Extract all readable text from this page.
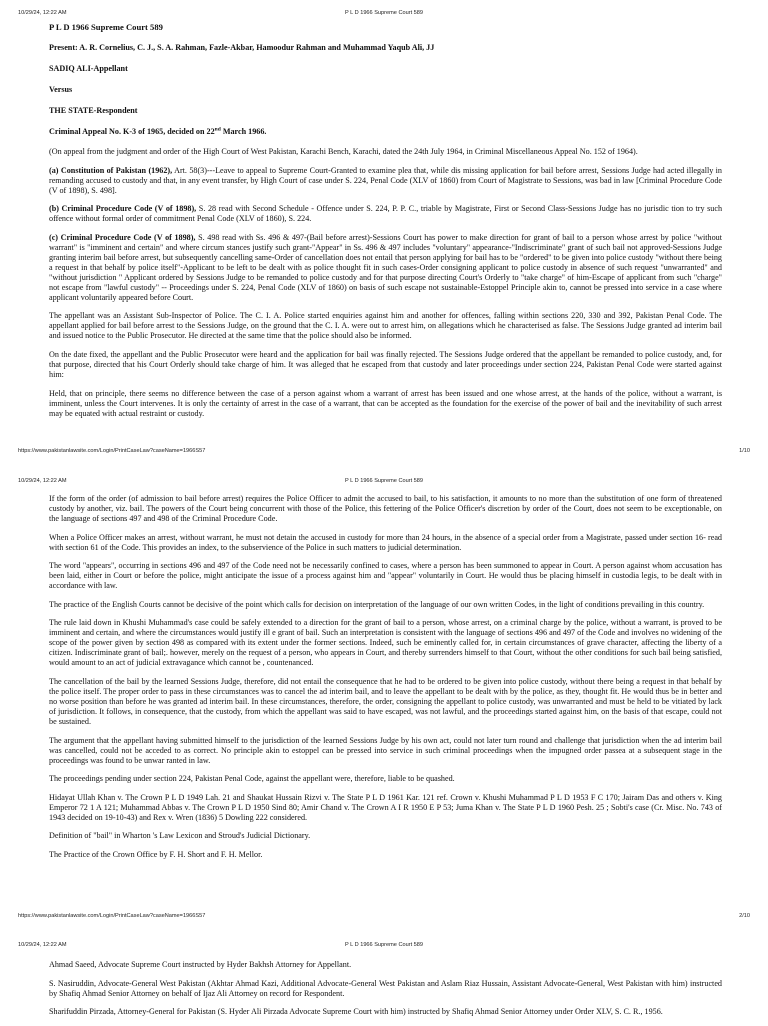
10/29/24, 12:22 AM	P L D 1966 Supreme Court 589

P L D 1966 Supreme Court 589

Present: A. R. Cornelius, C. J., S. A. Rahman, Fazle-Akbar, Hamoodur Rahman and Muhammad Yaqub Ali, JJ

SADIQ ALI-Appellant

Versus

THE STATE-Respondent

Criminal Appeal No. K-3 of 1965, decided on 22nd March 1966.

(On appeal from the judgment and order of the High Court of West Pakistan, Karachi Bench, Karachi, dated the 24th July 1964, in Criminal Miscellaneous Appeal No. 152 of 1964).

(a) Constitution of Pakistan (1962), Art. 58(3)---Leave to appeal to Supreme Court-Granted to examine plea that, while dis missing application for bail before arrest, Sessions Judge had acted illegally in remanding accused to custody and that, in any event transfer, by High Court of case under S. 224, Penal Code (XLV of 1860) from Court of Magistrate to Sessions, was bad in law [Criminal Procedure Code (V of 1898), S. 498].

(b) Criminal Procedure Code (V of 1898), S. 28 read with Second Schedule - Offence under S. 224, P. P. C., triable by Magistrate, First or Second Class-Sessions Judge has no jurisdic tion to try such offence without formal order of commitment Penal Code (XLV of 1860), S. 224.

(c) Criminal Procedure Code (V of 1898), S. 498 read with Ss. 496 & 497-(Bail before arrest)-Sessions Court has power to make direction for grant of bail to a person whose arrest by police "without warrant" is "imminent and certain" and where circum stances justify such grant-"Appear" in Ss. 496 & 497 includes "voluntary" appearance-"Indiscriminate" grant of such bail not approved-Sessions Judge granting interim bail before arrest, but subsequently cancelling same-Order of cancellation does not entail that person applying for bail has to be "ordered" to be given into police custody "without there being a request in that behalf by police itself"-Applicant to be left to be dealt with as police thought fit in such cases-Order consigning applicant to police custody in absence of such request "unwarranted" and "without jurisdiction " Applicant ordered by Sessions Judge to be remanded to police custody and for that purpose directing Court's Orderly to "take charge" of him-Escape of applicant from such "charge" not escape from "lawful custody" -- Proceedings under S. 224, Penal Code (XLV of 1860) on basis of such escape not sustainable-Estoppel Principle akin to, cannot be pressed into service in a case where applicant voluntarily appeared before Court.

The appellant was an Assistant Sub-Inspector of Police. The C. I. A. Police started enquiries against him and another for offences, falling within sections 220, 330 and 392, Pakistan Penal Code. The appellant applied for bail before arrest to the Sessions Judge, on the ground that the C. I. A. were out to arrest him, on allegations which he characterised as false. The Sessions Judge granted ad interim bail and issued notice to the Public Prosecutor. He directed at the same time that the police should also be informed.

On the date fixed, the appellant and the Public Prosecutor were heard and the application for bail was finally rejected. The Sessions Judge ordered that the appellant be remanded to police custody, and, for that purpose, directed that his Court Orderly should take charge of him. It was alleged that he escaped from that custody and later proceedings under section 224, Pakistan Penal Code were started against him:

Held, that on principle, there seems no difference between the case of a person against whom a warrant of arrest has been issued and one whose arrest, at the hands of the police, without a warrant, is imminent, unless the Court intervenes. It is only the certainty of arrest in the case of a warrant, that can be accepted as the foundation for the exercise of the power of bail and the inevitability of such arrest may be equated with actual restraint or custody.

https://www.pakistanlawsite.com/Login/PrintCaseLaw?caseName=1966S57	1/10
10/29/24, 12:22 AM	P L D 1966 Supreme Court 589

If the form of the order (of admission to bail before arrest) requires the Police Officer to admit the accused to bail, to his satisfaction, it amounts to no more than the substitution of one form of threatened custody by another, viz. bail. The powers of the Court being concurrent with those of the Police, this fettering of the Police Officer's discretion by order of the Court, does not seem to be exceptionable, on the language of sections 497 and 498 of the Criminal Procedure Code.

When a Police Officer makes an arrest, without warrant, he must not detain the accused in custody for more than 24 hours, in the absence of a special order from a Magistrate, passed under section 16- read with section 61 of the Code. This provides an index, to the subservience of the Police in such matters to judicial determination.

The word "appears", occurring in sections 496 and 497 of the Code need not be necessarily confined to cases, where a person has been summoned to appear in Court. A person against whom accusation has been laid, either in Court or before the police, might anticipate the issue of a process against him and "appear" voluntarily in Court. He would thus be placing himself in custodia legis, to be dealt with in accordance with law.

The practice of the English Courts cannot be decisive of the point which calls for decision on interpretation of the language of our own written Codes, in the light of conditions prevailing in this country.

The rule laid down in Khushi Muhammad's case could be safely extended to a direction for the grant of bail to a person, whose arrest, on a criminal charge by the police, without a warrant, is proved to be imminent and certain, and where the circumstances would justify ill e grant of bail. Such an interpretation is consistent with the language of sections 496 and 497 of the Code and involves no widening of the scope of the power given by section 498 as compared with its extent under the former sections. Indeed, such be eminently called for, in certain circumstances of grave character, affecting the liberty of a citizen. Indiscriminate grant of bail;. however, merely on the request of a person, who appears in Court, and thereby surrenders himself to that Court, without the other conditions for such bail being satisfied, would amount to an act of judicial extravagance which cannot be , countenanced.

The cancellation of the bail by the learned Sessions Judge, therefore, did not entail the consequence that he had to be ordered to be given into police custody, without there being a request in that behalf by the police itself. The proper order to pass in these circumstances was to cancel the ad interim bail, and to leave the appellant to be dealt with by the police, as they, thought fit. He would thus be in better and no worse position than before he was granted ad interim bail. In these circumstances, therefore, the order, consigning the appellant to police custody, was unwarranted and must be held to be vitiated by lack of jurisdiction. It follows, in consequence, that the custody, from which the appellant was said to have escaped, was not lawful, and the proceedings started against him, on the basis of that escape, could not be sustained.

The argument that the appellant having submitted himself to the jurisdiction of the learned Sessions Judge by his own act, could not later turn round and challenge that jurisdiction when the ad interim bail was cancelled, could not be acceded to as correct. No principle akin to estoppel can be pressed into service in such criminal proceedings when the impugned order passea at a subsequent stage in the proceedings was found to be unwar ranted in law.

The proceedings pending under section 224, Pakistan Penal Code, against the appellant were, therefore, liable to be quashed.

Hidayat Ullah Khan v. The Crown P L D 1949 Lah. 21 and Shaukat Hussain Rizvi v. The State P L D 1961 Kar. 121 ref. Crown v. Khushi Muhammad P L D 1953 F C 170; Jairam Das and others v. King Emperor 72 1 A 121; Muhammad Abbas v. The Crown P L D 1950 Sind 80; Amir Chand v. The Crown A I R 1950 E P 53; Juma Khan v. The State P L D 1960 Pesh. 25 ; Sobti's case (Cr. Misc. No. 743 of 1943 decided on 19-10-43) and Rex v. Wren (1836) 5 Dowling 222 considered.

Definition of "bail" in Wharton 's Law Lexicon and Stroud's Judicial Dictionary.

The Practice of the Crown Office by F. H. Short and F. H. Mellor.

https://www.pakistanlawsite.com/Login/PrintCaseLaw?caseName=1966S57	2/10
10/29/24, 12:22 AM	P L D 1966 Supreme Court 589

Ahmad Saeed, Advocate Supreme Court instructed by Hyder Bakhsh Attorney for Appellant.

S. Nasiruddin, Advocate-General West Pakistan (Akhtar Ahmad Kazi, Additional Advocate-General West Pakistan and Aslam Riaz Hussain, Assistant Advocate-General, West Pakistan with him) instructed by Shafiq Ahmad Senior Attorney on behalf of Ijaz Ali Attorney on record for Respondent.

Sharifuddin Pirzada, Attorney-General for Pakistan (S. Hyder Ali Pirzada Advocate Supreme Court with him) instructed by Shafiq Ahmad Senior Attorney under Order XLV, S. C. R., 1956.
